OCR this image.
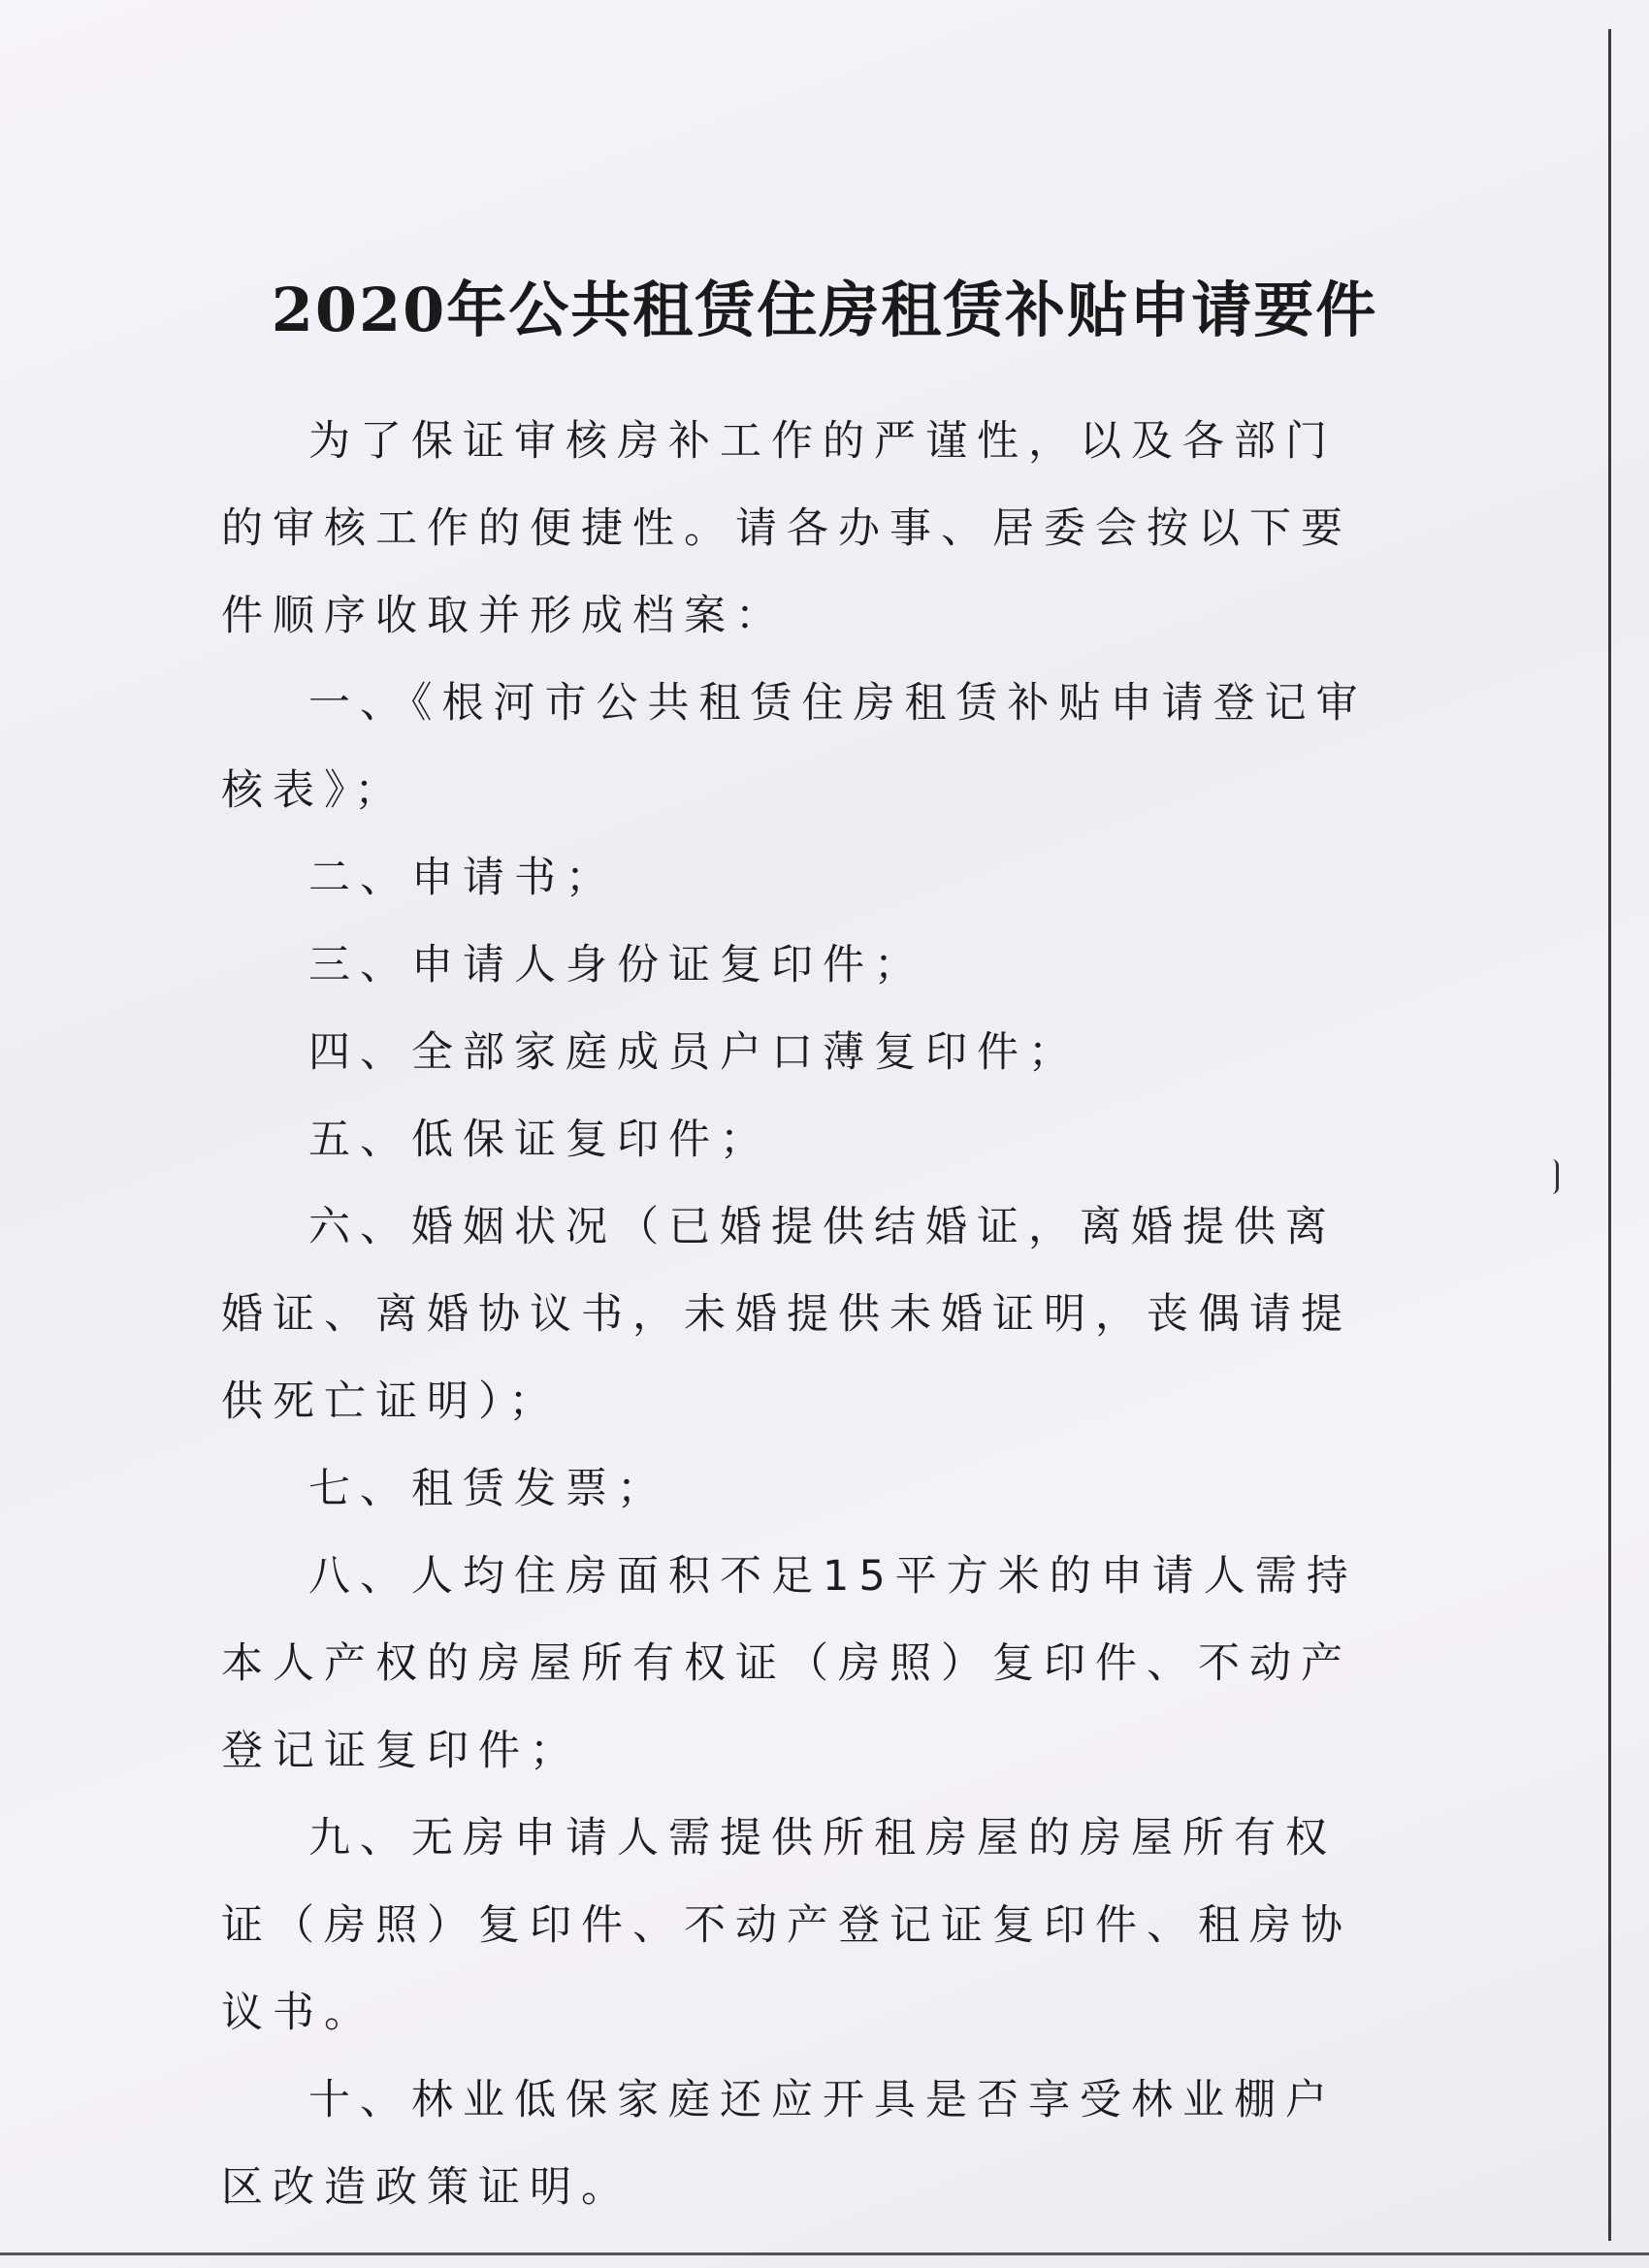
2020年公共租赁住房租赁补贴申请要件

为了保证审核房补工作的严谨性，以及各部门的审核工作的便捷性。请各办事、居委会按以下要件顺序收取并形成档案：

一、《根河市公共租赁住房租赁补贴申请登记审核表》；

二、申请书；

三、申请人身份证复印件；

四、全部家庭成员户口薄复印件；

五、低保证复印件；

六、婚姻状况（已婚提供结婚证，离婚提供离婚证、离婚协议书，未婚提供未婚证明，丧偶请提供死亡证明）；

七、租赁发票；

八、人均住房面积不足15平方米的申请人需持本人产权的房屋所有权证（房照）复印件、不动产登记证复印件；

九、无房申请人需提供所租房屋的房屋所有权证（房照）复印件、不动产登记证复印件、租房协议书。

十、林业低保家庭还应开具是否享受林业棚户区改造政策证明。
